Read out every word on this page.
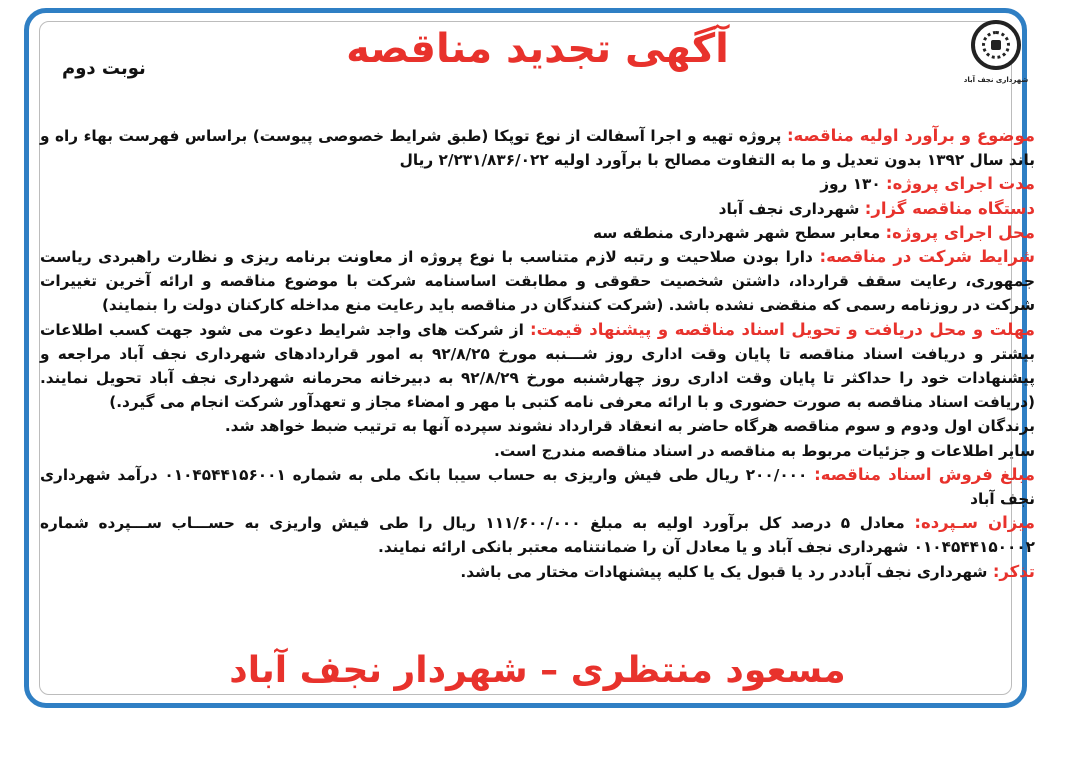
شهرداری نجف آباد
آگهی تجدید مناقصه
نوبت دوم

موضوع و برآورد اولیه مناقصه: پروژه تهیه و اجرا آسفالت از نوع توپکا (طبق شرایط خصوصی پیوست) براساس فهرست بهاء راه و باند سال ۱۳۹۲ بدون تعدیل و ما به التفاوت مصالح با برآورد اولیه ۲/۲۳۱/۸۳۶/۰۲۲ ریال

مدت اجرای پروژه: ۱۳۰ روز

دستگاه مناقصه گزار: شهرداری نجف آباد

محل اجرای پروژه: معابر سطح شهر شهرداری منطقه سه

شرایط شرکت در مناقصه: دارا بودن صلاحیت و رتبه لازم متناسب با نوع پروژه از معاونت برنامه ریزی و نظارت راهبردی ریاست جمهوری، رعایت سقف قرارداد، داشتن شخصیت حقوقی و مطابقت اساسنامه شرکت با موضوع مناقصه و ارائه آخرین تغییرات شرکت در روزنامه رسمی که منقضی نشده باشد. (شرکت کنندگان در مناقصه باید رعایت منع مداخله کارکنان دولت را بنمایند)

مهلت و محل دریافت و تحویل اسناد مناقصه و پیشنهاد قیمت: از شرکت های واجد شرایط دعوت می شود جهت کسب اطلاعات بیشتر و دریافت اسناد مناقصه تا پایان وقت اداری روز شـــنبه مورخ ۹۲/۸/۲۵ به امور قراردادهای شهرداری نجف آباد مراجعه و پیشنهادات خود را حداکثر تا پایان وقت اداری روز چهارشنبه مورخ ۹۲/۸/۲۹ به دبیرخانه محرمانه شهرداری نجف آباد تحویل نمایند. (دریافت اسناد مناقصه به صورت حضوری و با ارائه معرفی نامه کتبی با مهر و امضاء مجاز و تعهدآور شرکت انجام می گیرد.)

برندگان اول ودوم و سوم مناقصه هرگاه حاضر به انعقاد قرارداد نشوند سپرده آنها به ترتیب ضبط خواهد شد.

سایر اطلاعات و جزئیات مربوط به مناقصه در اسناد مناقصه مندرج است.

مبلغ فروش اسناد مناقصه: ۲۰۰/۰۰۰ ریال طی فیش واریزی به حساب سیبا بانک ملی به شماره ۰۱۰۴۵۴۴۱۵۶۰۰۱ درآمد شهرداری نجف آباد

میزان سـپرده: معادل ۵ درصد کل برآورد اولیه به مبلغ ۱۱۱/۶۰۰/۰۰۰ ریال را طی فیش واریزی به حســـاب ســـپرده شماره ۰۱۰۴۵۴۴۱۵۰۰۰۲ شهرداری نجف آباد و یا معادل آن را ضمانتنامه معتبر بانکی ارائه نمایند.

تذکر: شهرداری نجف آباددر رد یا قبول یک یا کلیه پیشنهادات مختار می باشد.

مسعود منتظری – شهردار نجف آباد
